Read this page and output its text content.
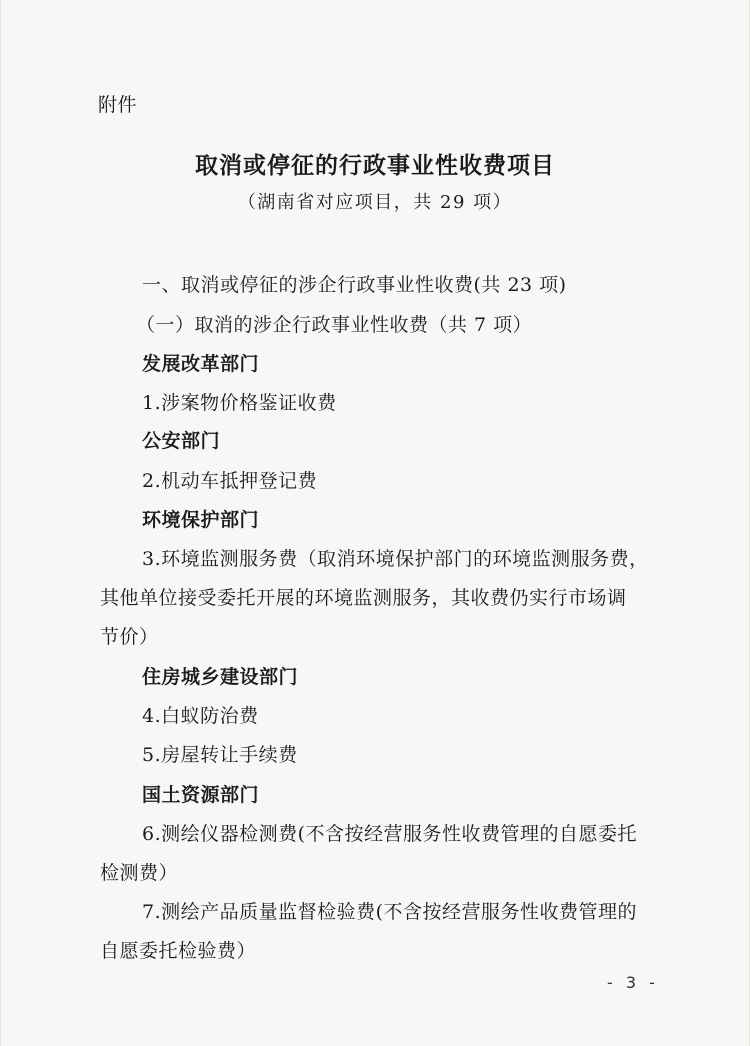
附件
取消或停征的行政事业性收费项目
（湖南省对应项目，共 29 项）
一、取消或停征的涉企行政事业性收费(共 23 项)
（一）取消的涉企行政事业性收费（共 7 项）
发展改革部门
1.涉案物价格鉴证收费
公安部门
2.机动车抵押登记费
环境保护部门
3.环境监测服务费（取消环境保护部门的环境监测服务费，
其他单位接受委托开展的环境监测服务，其收费仍实行市场调
节价）
住房城乡建设部门
4.白蚁防治费
5.房屋转让手续费
国土资源部门
6.测绘仪器检测费(不含按经营服务性收费管理的自愿委托
检测费）
7.测绘产品质量监督检验费(不含按经营服务性收费管理的
自愿委托检验费）
- 3 -
